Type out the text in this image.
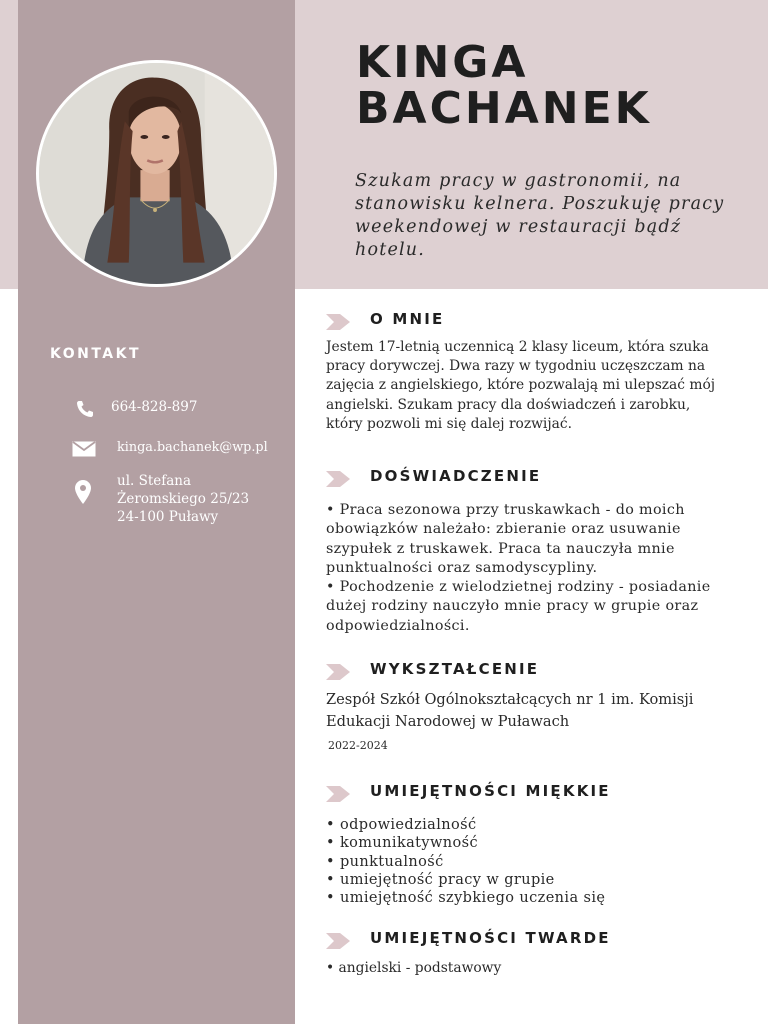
KINGA
BACHANEK
Szukam pracy w gastronomii, na stanowisku kelnera. Poszukuję pracy weekendowej w restauracji bądź hotelu.
KONTAKT
664-828-897
kinga.bachanek@wp.pl
ul. Stefana
Żeromskiego 25/23
24-100 Puławy
O MNIE
Jestem 17-letnią uczennicą 2 klasy liceum, która szuka pracy dorywczej. Dwa razy w tygodniu uczęszczam na zajęcia z angielskiego, które pozwalają mi ulepszać mój angielski. Szukam pracy dla doświadczeń i zarobku, który pozwoli mi się dalej rozwijać.
DOŚWIADCZENIE

• Praca sezonowa przy truskawkach - do moich obowiązków należało: zbieranie oraz usuwanie szypułek z truskawek. Praca ta nauczyła mnie punktualności oraz samodyscypliny.

• Pochodzenie z wielodzietnej rodziny - posiadanie dużej rodziny nauczyło mnie pracy w grupie oraz odpowiedzialności.

WYKSZTAŁCENIE
Zespół Szkół Ogólnokształcących nr 1 im. Komisji Edukacji Narodowej w Puławach
2022-2024
UMIEJĘTNOŚCI MIĘKKIE
• odpowiedzialność
• komunikatywność
• punktualność
• umiejętność pracy w grupie
• umiejętność szybkiego uczenia się
UMIEJĘTNOŚCI TWARDE
• angielski - podstawowy
